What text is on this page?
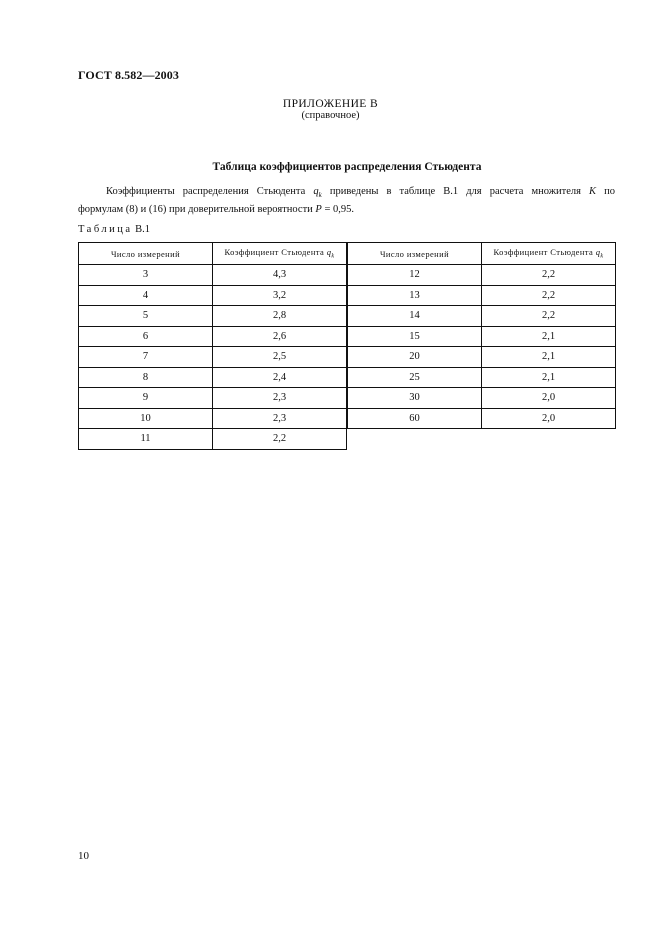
ГОСТ 8.582—2003
ПРИЛОЖЕНИЕ В
(справочное)
Таблица коэффициентов распределения Стьюдента
Коэффициенты распределения Стьюдента $q_k$ приведены в таблице В.1 для расчета множителя K по
формулам (8) и (16) при доверительной вероятности P = 0,95.
Таблица В.1
Число измерений	Коэффициент Стьюдента $q_k$
3	4,3
4	3,2
5	2,8
6	2,6
7	2,5
8	2,4
9	2,3
10	2,3
11	2,2
Число измерений	Коэффициент Стьюдента $q_k$
12	2,2
13	2,2
14	2,2
15	2,1
20	2,1
25	2,1
30	2,0
60	2,0
10
